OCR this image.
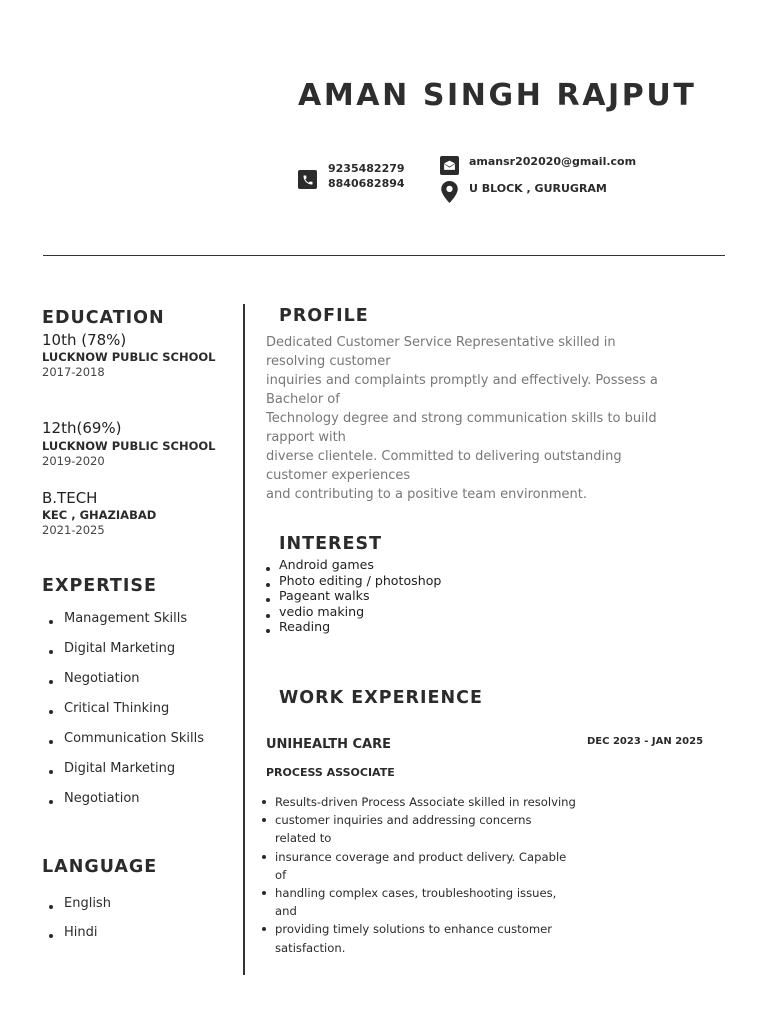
AMAN SINGH RAJPUT
9235482279
8840682894
amansr202020@gmail.com
U BLOCK , GURUGRAM
EDUCATION
10th (78%)
LUCKNOW PUBLIC SCHOOL
2017-2018
12th(69%)
LUCKNOW PUBLIC SCHOOL
2019-2020
B.TECH
KEC , GHAZIABAD
2021-2025
EXPERTISE
Management Skills
Digital Marketing
Negotiation
Critical Thinking
Communication Skills
Digital Marketing
Negotiation
LANGUAGE
English
Hindi
PROFILE
Dedicated Customer Service Representative skilled in
resolving customer
inquiries and complaints promptly and effectively. Possess a
Bachelor of
Technology degree and strong communication skills to build
rapport with
diverse clientele. Committed to delivering outstanding
customer experiences
and contributing to a positive team environment.
INTEREST
Android games
Photo editing / photoshop
Pageant walks
vedio making
Reading
WORK EXPERIENCE
UNIHEALTH CARE	DEC 2023 - JAN 2025
PROCESS ASSOCIATE
Results-driven Process Associate skilled in resolving
customer inquiries and addressing concerns
related to
insurance coverage and product delivery. Capable
of
handling complex cases, troubleshooting issues,
and
providing timely solutions to enhance customer
satisfaction.
